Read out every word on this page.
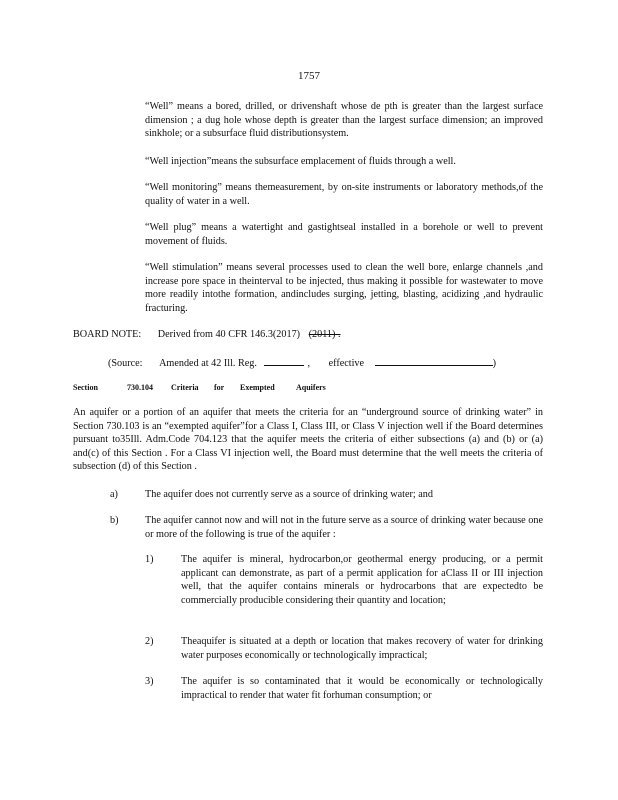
1757

“Well” means a bored, drilled, or drivenshaft whose de pth is greater than the largest surface dimension ; a dug hole whose depth is greater than the largest surface dimension; an improved sinkhole; or a subsurface fluid distributionsystem.

“Well injection”means the subsurface emplacement of fluids through a well.

“Well monitoring” means themeasurement, by on-site instruments or laboratory methods,of the quality of water in a well.

“Well plug” means a watertight and gastightseal installed in a borehole or well to prevent movement of fluids.

“Well stimulation” means several processes used to clean the well bore, enlarge channels ,and increase pore space in theinterval to be injected, thus making it possible for wastewater to move more readily intothe formation, andincludes surging, jetting, blasting, acidizing ,and hydraulic fracturing.

BOARD NOTE: Derived from 40 CFR 146.3(2017) (2011) .
(Source: Amended at 42 Ill. Reg.	, effective	)
Section	730.104 Criteria for Exempted	Aquifers

An aquifer or a portion of an aquifer that meets the criteria for an “underground source of drinking water” in Section 730.103 is an “exempted aquifer”for a Class I, Class III, or Class V injection well if the Board determines pursuant to35Ill. Adm.Code 704.123 that the aquifer meets the criteria of either subsections (a) and (b) or (a) and(c) of this Section . For a Class VI injection well, the Board must determine that the well meets the criteria of subsection (d) of this Section .

a)	The aquifer does not currently serve as a source of drinking water; and

b)	The aquifer cannot now and will not in the future serve as a source of drinking water because one or more of the following is true of the aquifer :

1)	The aquifer is mineral, hydrocarbon,or geothermal energy producing, or a permit applicant can demonstrate, as part of a permit application for aClass II or III injection well, that the aquifer contains minerals or hydrocarbons that are expectedto be commercially producible considering their quantity and location;

2)	Theaquifer is situated at a depth or location that makes recovery of water for drinking water purposes economically or technologically impractical;

3)	The aquifer is so contaminated that it would be economically or technologically impractical to render that water fit forhuman consumption; or
